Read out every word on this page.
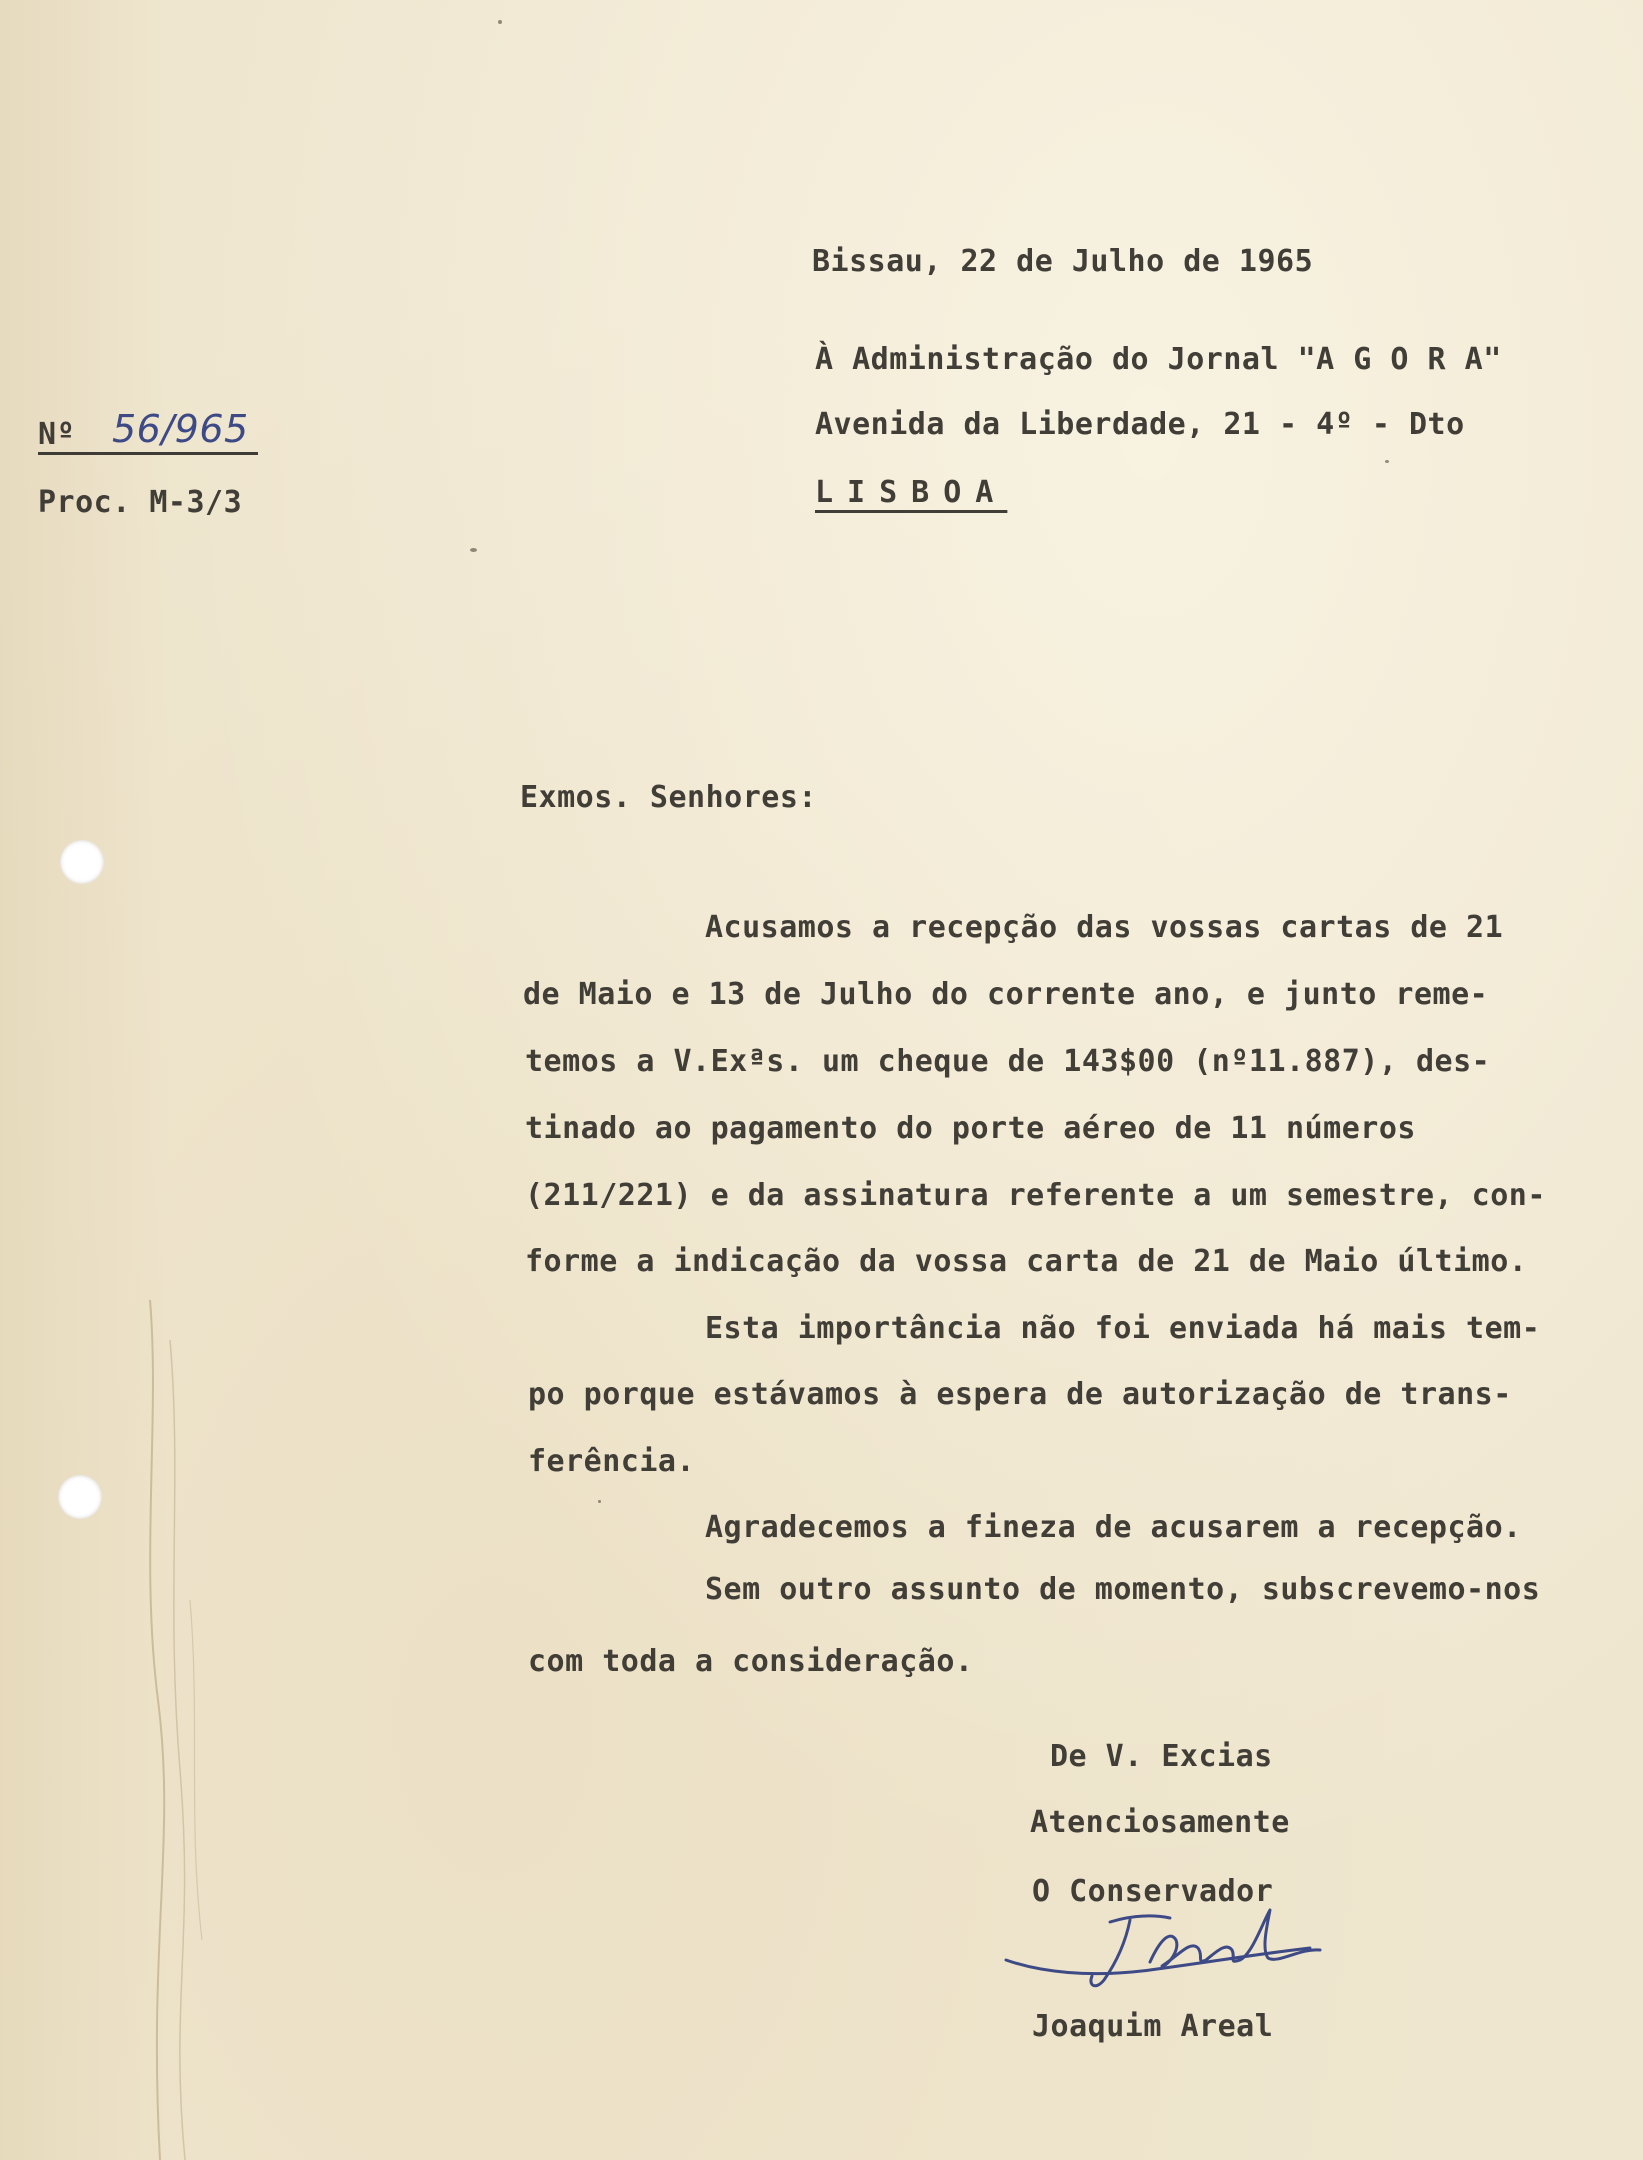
Bissau, 22 de Julho de 1965
À Administração do Jornal "A G O R A"
Avenida da Liberdade, 21 - 4º - Dto
LISBOA
Nº 56/965
Proc. M-3/3
Exmos. Senhores:
Acusamos a recepção das vossas cartas de 21
de Maio e 13 de Julho do corrente ano, e junto reme-
temos a V.Exªs. um cheque de 143$00 (nº11.887), des-
tinado ao pagamento do porte aéreo de 11 números
(211/221) e da assinatura referente a um semestre, con-
forme a indicação da vossa carta de 21 de Maio último.
Esta importância não foi enviada há mais tem-
po porque estávamos à espera de autorização de trans-
ferência.
Agradecemos a fineza de acusarem a recepção.
Sem outro assunto de momento, subscrevemo-nos
com toda a consideração.
De V. Excias
Atenciosamente
O Conservador
Joaquim Areal
